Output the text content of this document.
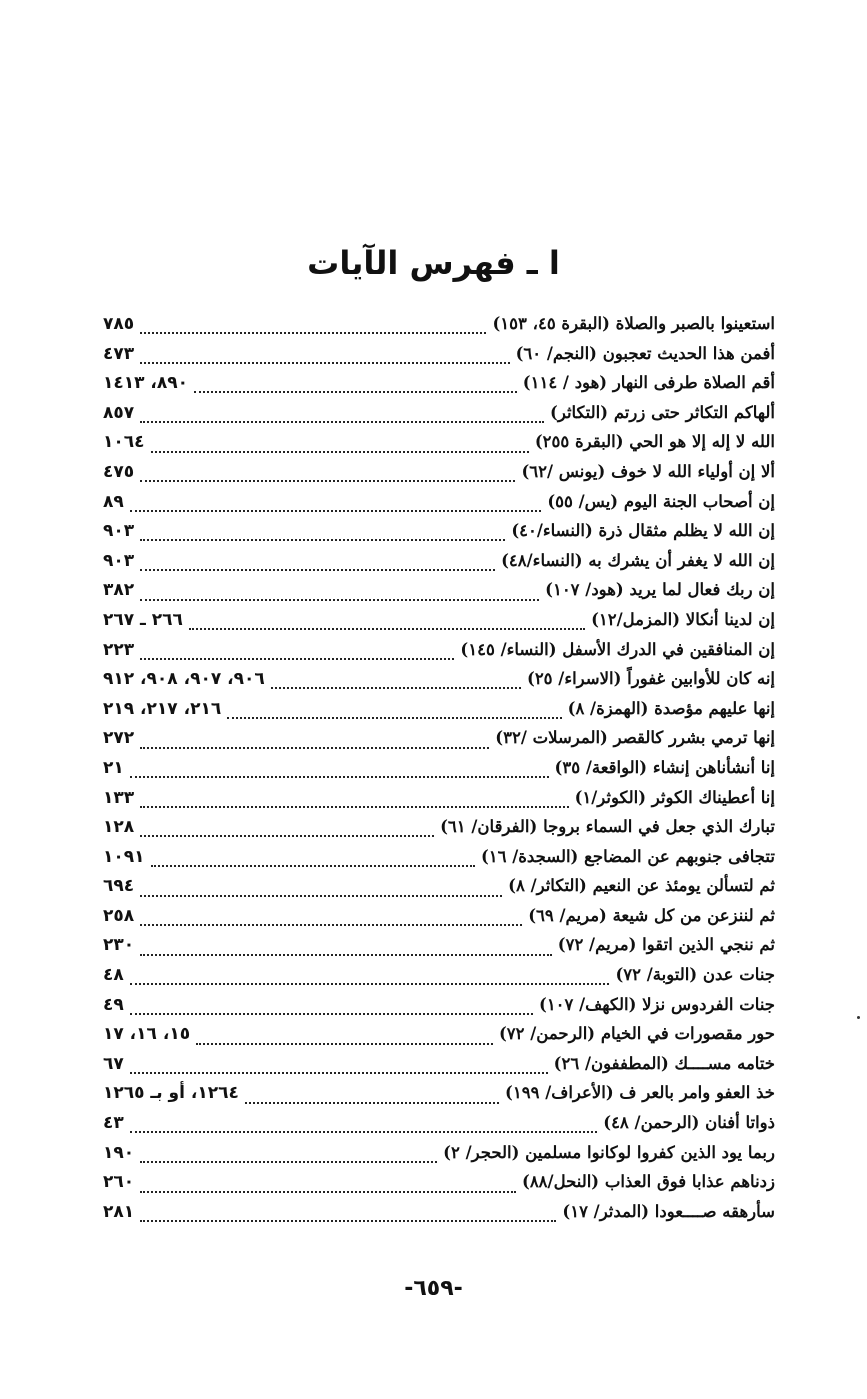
ا ـ فهرس الآيات
استعينوا بالصبر والصلاة (البقرة ٤٥، ١٥٣)
٧٨٥
أفمن هذا الحديث تعجبون (النجم/ ٦٠)
٤٧٣
أقم الصلاة طرفى النهار (هود / ١١٤)
٨٩٠، ١٤١٣
ألهاكم التكاثر حتى زرتم (التكاثر)
٨٥٧
الله لا إله إلا هو الحي (البقرة ٢٥٥)
١٠٦٤
ألا إن أولياء الله لا خوف (يونس /٦٢)
٤٧٥
إن أصحاب الجنة اليوم (يس/ ٥٥)
٨٩
إن الله لا يظلم مثقال ذرة (النساء/٤٠)
٩٠٣
إن الله لا يغفر أن يشرك به (النساء/٤٨)
٩٠٣
إن ربك فعال لما يريد (هود/ ١٠٧)
٣٨٢
إن لدينا أنكالا (المزمل/١٢)
٢٦٦ ـ ٢٦٧
إن المنافقين في الدرك الأسفل (النساء/ ١٤٥)
٢٢٣
إنه كان للأوابين غفوراً (الاسراء/ ٢٥)
٩٠٦، ٩٠٧، ٩٠٨، ٩١٢
إنها عليهم مؤصدة (الهمزة/ ٨)
٢١٦، ٢١٧، ٢١٩
إنها ترمي بشرر كالقصر (المرسلات /٣٢)
٢٧٢
إنا أنشأناهن إنشاء (الواقعة/ ٣٥)
٢١
إنا أعطيناك الكوثر (الكوثر/١)
١٣٣
تبارك الذي جعل في السماء بروجا (الفرقان/ ٦١)
١٢٨
تتجافى جنوبهم عن المضاجع (السجدة/ ١٦)
١٠٩١
ثم لتسألن يومئذ عن النعيم (التكاثر/ ٨)
٦٩٤
ثم لننزعن من كل شيعة (مريم/ ٦٩)
٢٥٨
ثم ننجي الذين اتقوا (مريم/ ٧٢)
٢٣٠
جنات عدن (التوبة/ ٧٢)
٤٨
جنات الفردوس نزلا (الكهف/ ١٠٧)
٤٩
حور مقصورات في الخيام (الرحمن/ ٧٢)
١٥، ١٦، ١٧
ختامه مســــك (المطففون/ ٢٦)
٦٧
خذ العفو وامر بالعر ف (الأعراف/ ١٩٩)
١٢٦٤، أو بـ ١٢٦٥
ذواتا أفنان (الرحمن/ ٤٨)
٤٣
ربما يود الذين كفروا لوكانوا مسلمين (الحجر/ ٢)
١٩٠
زدناهم عذابا فوق العذاب (النحل/٨٨)
٢٦٠
سأرهقه صــــعودا (المدثر/ ١٧)
٢٨١
-٦٥٩-
